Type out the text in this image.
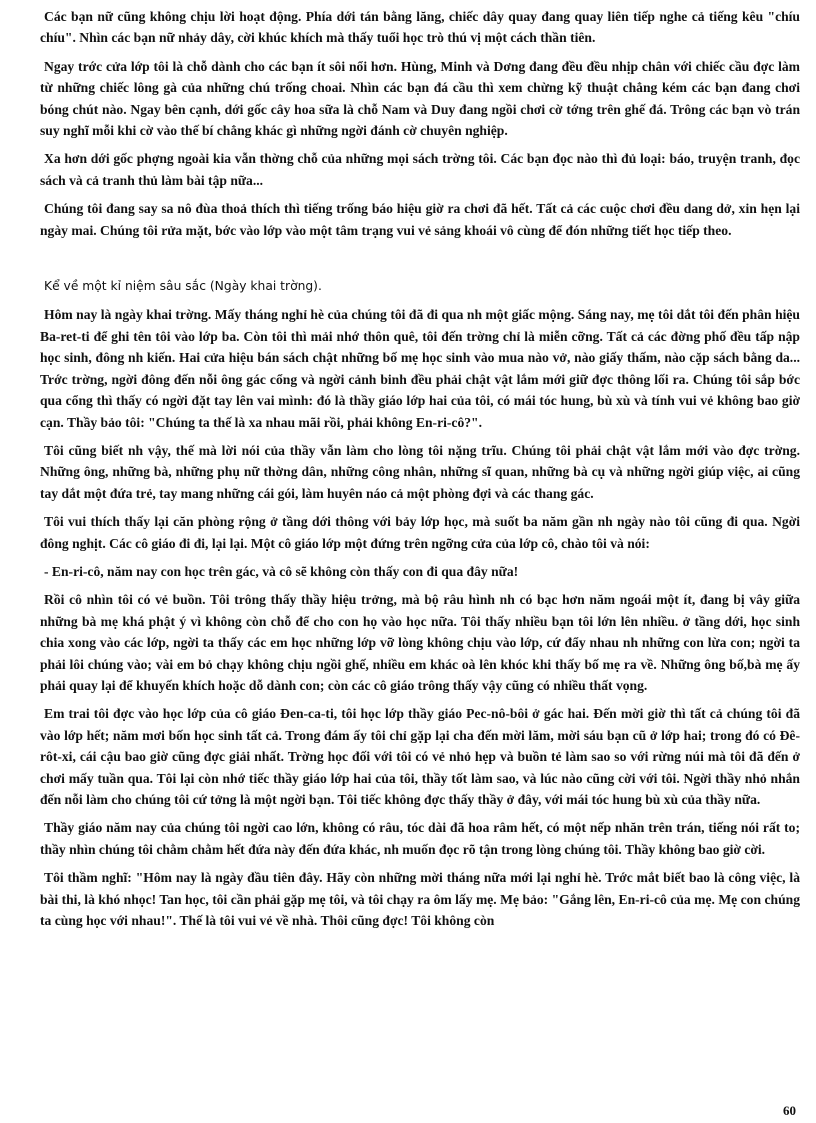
Các bạn nữ cũng không chịu lời hoạt động. Phía dới tán bằng lăng, chiếc dây quay đang quay liên tiếp nghe cả tiếng kêu "chíu chíu". Nhìn các bạn nữ nhảy dây, cời khúc khích mà thấy tuổi học trò thú vị một cách thần tiên.

Ngay trớc cửa lớp tôi là chỗ dành cho các bạn ít sôi nổi hơn. Hùng, Minh và Dơng đang đều đều nhịp chân với chiếc cầu đợc làm từ những chiếc lông gà của những chú trống choai. Nhìn các bạn đá cầu thì xem chừng kỹ thuật chẳng kém các bạn đang chơi bóng chút nào. Ngay bên cạnh, dới gốc cây hoa sữa là chỗ Nam và Duy đang ngồi chơi cờ tớng trên ghế đá. Trông các bạn vò trán suy nghĩ mỗi khi cờ vào thế bí chẳng khác gì những ngời đánh cờ chuyên nghiệp.

Xa hơn dới gốc phợng ngoài kia vẫn thờng chỗ của những mọi sách trờng tôi. Các bạn đọc nào thì đủ loại: báo, truyện tranh, đọc sách và cả tranh thủ làm bài tập nữa...

Chúng tôi đang say sa nô đùa thoả thích thì tiếng trống báo hiệu giờ ra chơi đã hết. Tất cả các cuộc chơi đều dang dở, xin hẹn lại ngày mai. Chúng tôi rửa mặt, bớc vào lớp vào một tâm trạng vui vẻ sảng khoái vô cùng để đón những tiết học tiếp theo.

Kể về một kỉ niệm sâu sắc (Ngày khai trờng).

Hôm nay là ngày khai trờng. Mấy tháng nghỉ hè của chúng tôi đã đi qua nh một giấc mộng. Sáng nay, mẹ tôi dắt tôi đến phân hiệu Ba-ret-ti để ghi tên tôi vào lớp ba. Còn tôi thì mải nhớ thôn quê, tôi đến trờng chỉ là miễn cỡng. Tất cả các đờng phố đều tấp nập học sinh, đông nh kiến. Hai cửa hiệu bán sách chật những bố mẹ học sinh vào mua nào vở, nào giấy thấm, nào cặp sách bằng da... Trớc trờng, ngời đông đến nỗi ông gác cổng và ngời cảnh binh đều phải chật vật lắm mới giữ đợc thông lối ra. Chúng tôi sắp bớc qua cổng thì thấy có ngời đặt tay lên vai mình: đó là thầy giáo lớp hai của tôi, có mái tóc hung, bù xù và tính vui vẻ không bao giờ cạn. Thầy bảo tôi: "Chúng ta thế là xa nhau mãi rồi, phải không En-ri-cô?".

Tôi cũng biết nh vậy, thế mà lời nói của thầy vẫn làm cho lòng tôi nặng trĩu. Chúng tôi phải chật vật lắm mới vào đợc trờng. Những ông, những bà, những phụ nữ thờng dân, những công nhân, những sĩ quan, những bà cụ và những ngời giúp việc, ai cũng tay dắt một đứa trẻ, tay mang những cái gói, làm huyên náo cả một phòng đợi và các thang gác.

Tôi vui thích thấy lại căn phòng rộng ở tầng dới thông với bảy lớp học, mà suốt ba năm gần nh ngày nào tôi cũng đi qua. Ngời đông nghịt. Các cô giáo đi đi, lại lại. Một cô giáo lớp một đứng trên ngỡng cửa của lớp cô, chào tôi và nói:

- En-ri-cô, năm nay con học trên gác, và cô sẽ không còn thấy con đi qua đây nữa!

Rồi cô nhìn tôi có vẻ buồn. Tôi trông thấy thầy hiệu trởng, mà bộ râu hình nh có bạc hơn năm ngoái một ít, đang bị vây giữa những bà mẹ khá phật ý vì không còn chỗ để cho con họ vào học nữa. Tôi thấy nhiều bạn tôi lớn lên nhiều. ở tầng dới, học sinh chia xong vào các lớp, ngời ta thấy các em học những lớp vỡ lòng không chịu vào lớp, cứ đẩy nhau nh những con lừa con; ngời ta phải lôi chúng vào; vài em bỏ chạy không chịu ngồi ghế, nhiều em khác oà lên khóc khi thấy bố mẹ ra về. Những ông bố,bà mẹ ấy phải quay lại để khuyến khích hoặc dỗ dành con; còn các cô giáo trông thấy vậy cũng có nhiều thất vọng.

Em trai tôi đợc vào học lớp của cô giáo Đen-ca-ti, tôi học lớp thầy giáo Pec-nô-bôi ở gác hai. Đến mời giờ thì tất cả chúng tôi đã vào lớp hết; năm mơi bốn học sinh tất cả. Trong đám ấy tôi chỉ gặp lại cha đến mời lăm, mời sáu bạn cũ ở lớp hai; trong đó có Đê-rôt-xi, cái cậu bao giờ cũng đợc giải nhất. Trờng học đối với tôi có vẻ nhỏ hẹp và buồn tẻ làm sao so với rừng núi mà tôi đã đến ở chơi mấy tuần qua. Tôi lại còn nhớ tiếc thầy giáo lớp hai của tôi, thầy tốt làm sao, và lúc nào cũng cời với tôi. Ngời thầy nhỏ nhắn đến nỗi làm cho chúng tôi cứ tởng là một ngời bạn. Tôi tiếc không đợc thấy thầy ở đây, với mái tóc hung bù xù của thầy nữa.

Thầy giáo năm nay của chúng tôi ngời cao lớn, không có râu, tóc dài đã hoa râm hết, có một nếp nhăn trên trán, tiếng nói rất to; thầy nhìn chúng tôi chằm chằm hết đứa này đến đứa khác, nh muốn đọc rõ tận trong lòng chúng tôi. Thầy không bao giờ cời.

Tôi thầm nghĩ: "Hôm nay là ngày đầu tiên đây. Hãy còn những mời tháng nữa mới lại nghỉ hè. Trớc mắt biết bao là công việc, là bài thi, là khó nhọc! Tan học, tôi cần phải gặp mẹ tôi, và tôi chạy ra ôm lấy mẹ. Mẹ bảo: "Gắng lên, En-ri-cô của mẹ. Mẹ con chúng ta cùng học với nhau!". Thế là tôi vui vẻ về nhà. Thôi cũng đợc! Tôi không còn

60
